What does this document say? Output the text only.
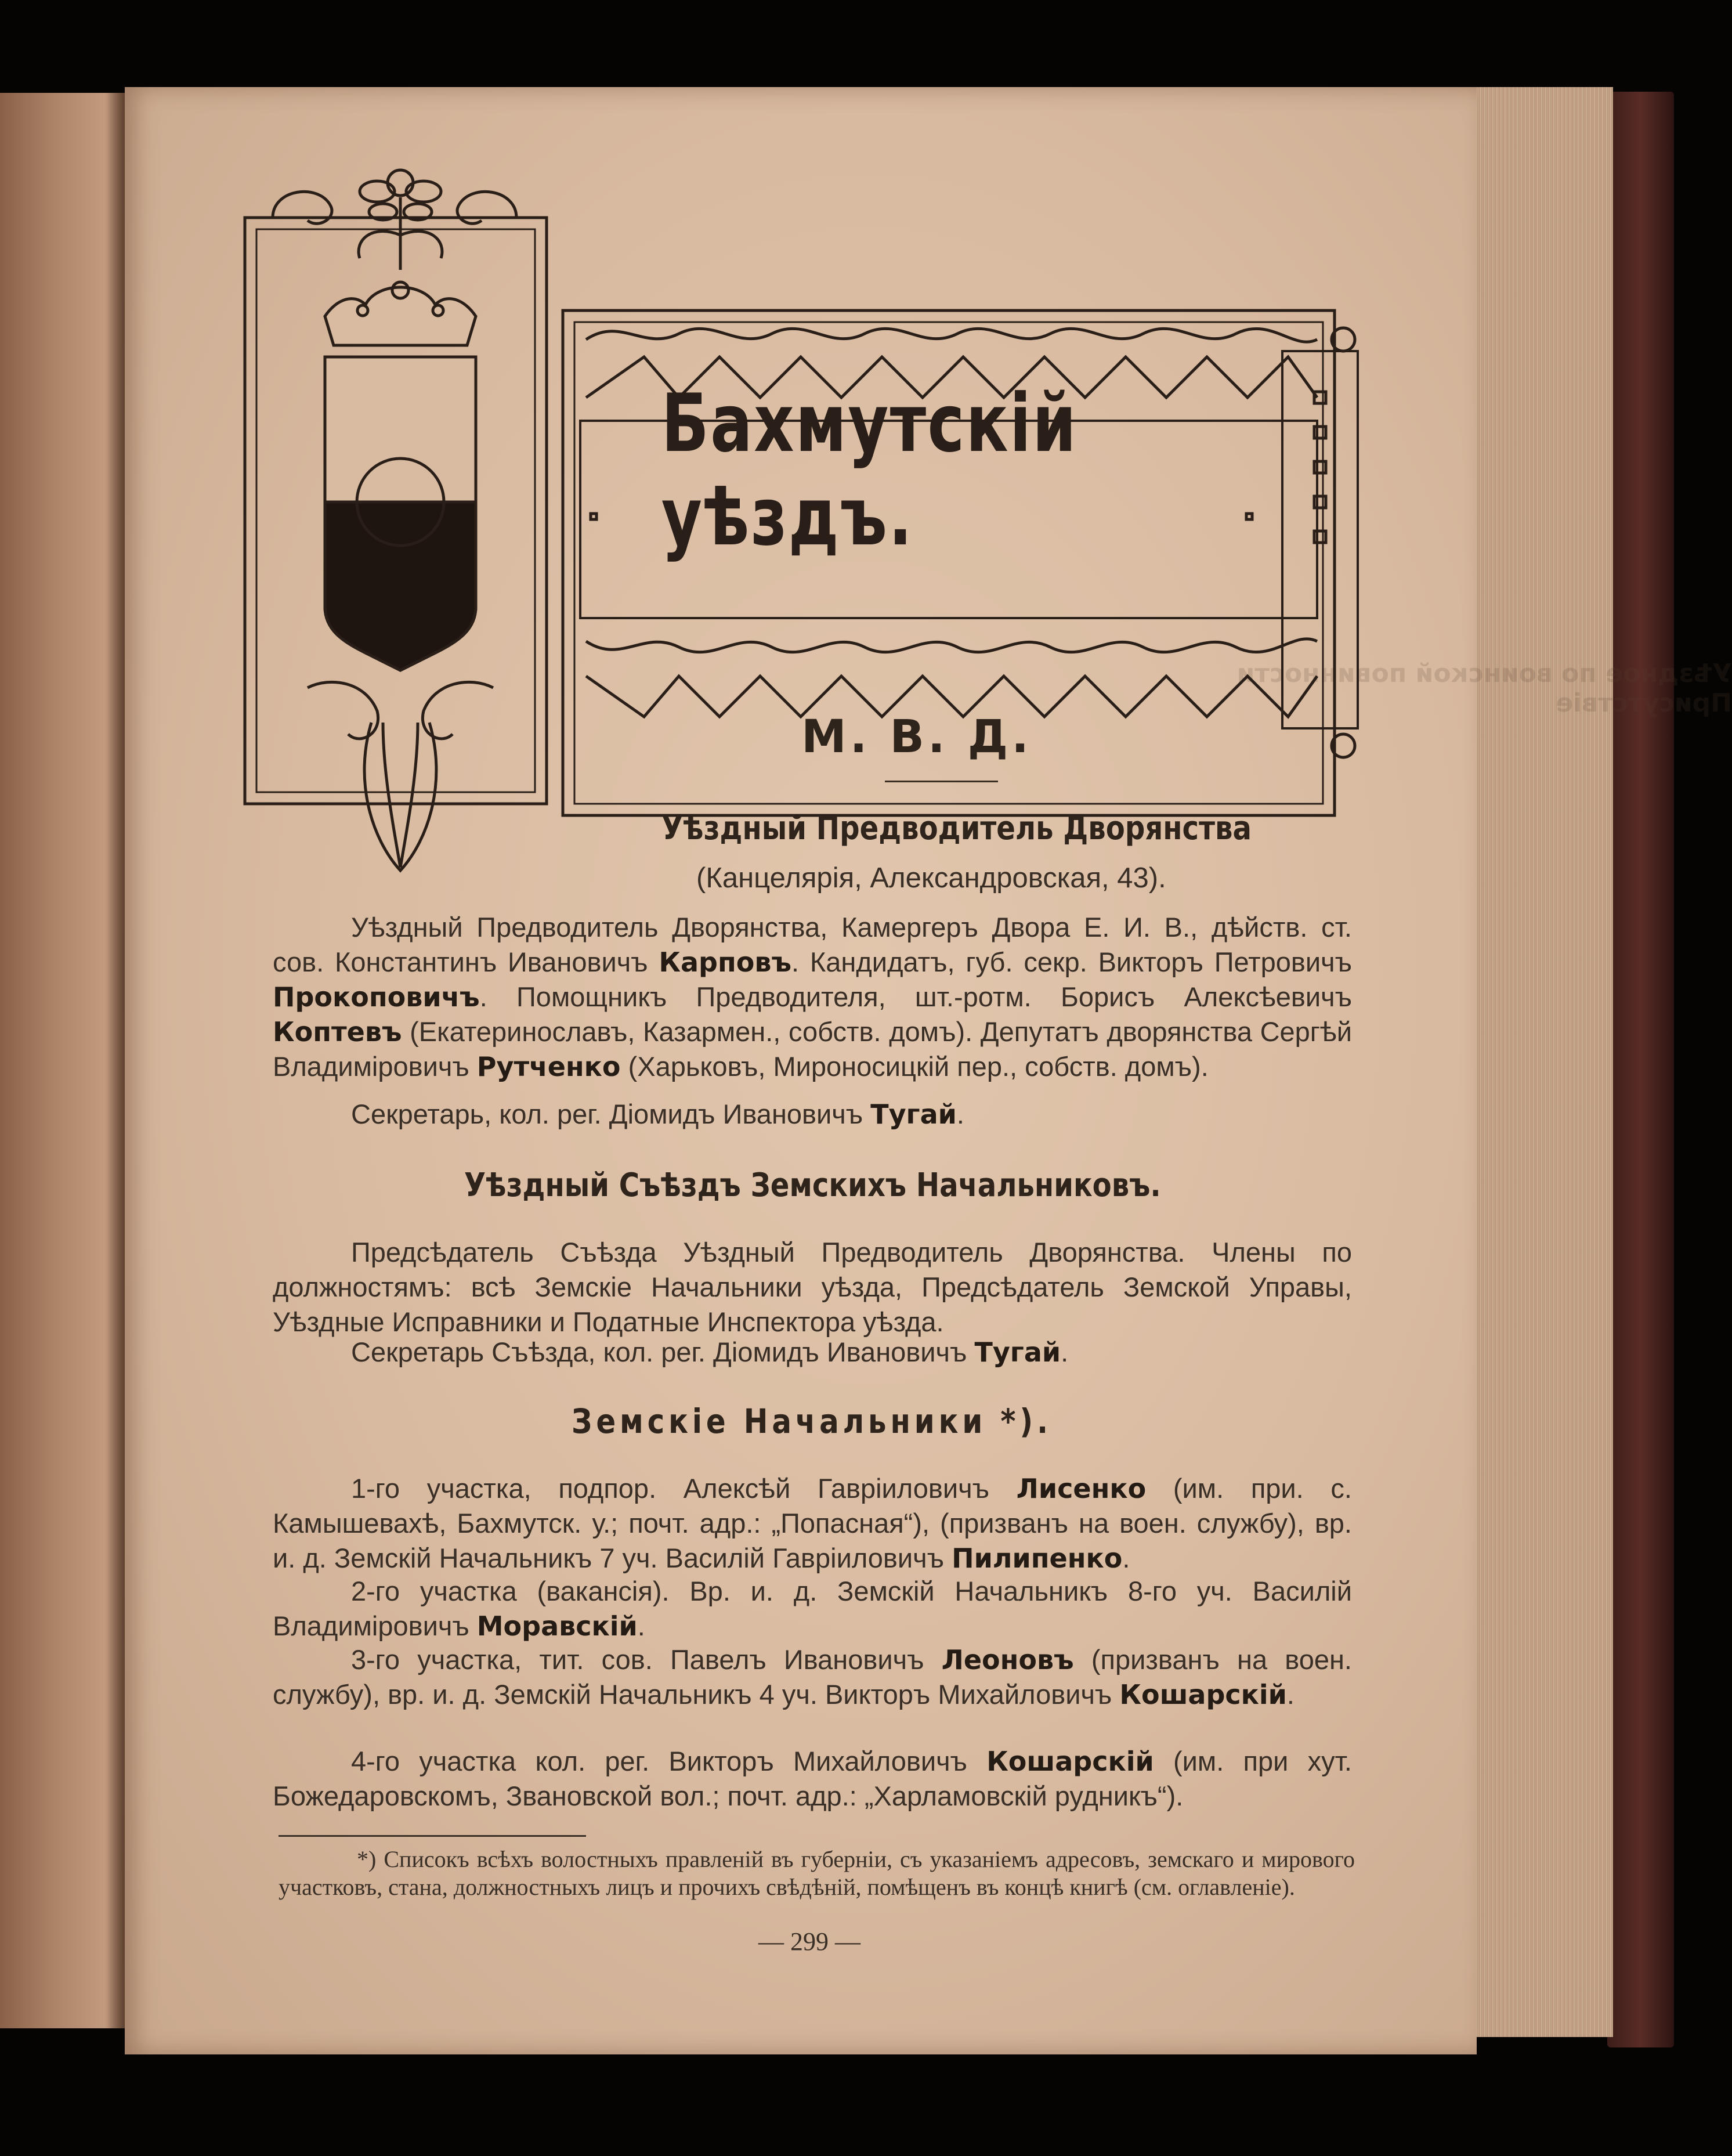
Уѣздное по воинской повинности Присутствіе
Бахмутскій уѣздъ.
М. В. Д.
Уѣздный Предводитель Дворянства
(Канцелярія, Александровская, 43).

Уѣздный Предводитель Дворянства, Камергеръ Двора Е. И. В., дѣйств. ст. сов. Константинъ Ивановичъ Карповъ. Кандидатъ, губ. секр. Викторъ Петровичъ Прокоповичъ. Помощникъ Предводителя, шт.-ротм. Борисъ Алексѣевичъ Коптевъ (Екатеринославъ, Казармен., собств. домъ). Депутатъ дворянства Сергѣй Владиміровичъ Рутченко (Харьковъ, Мироносицкій пер., собств. домъ).

Секретарь, кол. рег. Діомидъ Ивановичъ Тугай.

Уѣздный Съѣздъ Земскихъ Начальниковъ.

Предсѣдатель Съѣзда Уѣздный Предводитель Дворянства. Члены по должностямъ: всѣ Земскіе Начальники уѣзда, Предсѣдатель Земской Управы, Уѣздные Исправники и Податные Инспектора уѣзда.

Секретарь Съѣзда, кол. рег. Діомидъ Ивановичъ Тугай.

Земскіе Начальники *).

1-го участка, подпор. Алексѣй Гавріиловичъ Лисенко (им. при. с. Камышевахѣ, Бахмутск. у.; почт. адр.: „Попасная“), (призванъ на воен. службу), вр. и. д. Земскій Начальникъ 7 уч. Василій Гавріиловичъ Пилипенко.

2-го участка (вакансія). Вр. и. д. Земскій Начальникъ 8-го уч. Василій Владиміровичъ Моравскій.

3-го участка, тит. сов. Павелъ Ивановичъ Леоновъ (призванъ на воен. службу), вр. и. д. Земскій Начальникъ 4 уч. Викторъ Михайловичъ Кошарскій.

4-го участка кол. рег. Викторъ Михайловичъ Кошарскій (им. при хут. Божедаровскомъ, Звановской вол.; почт. адр.: „Харламовскій рудникъ“).

*) Списокъ всѣхъ волостныхъ правленій въ губерніи, съ указаніемъ адресовъ, земскаго и мирового участковъ, стана, должностныхъ лицъ и прочихъ свѣдѣній, помѣщенъ въ концѣ книгѣ (см. оглавленіе).

— 299 —
